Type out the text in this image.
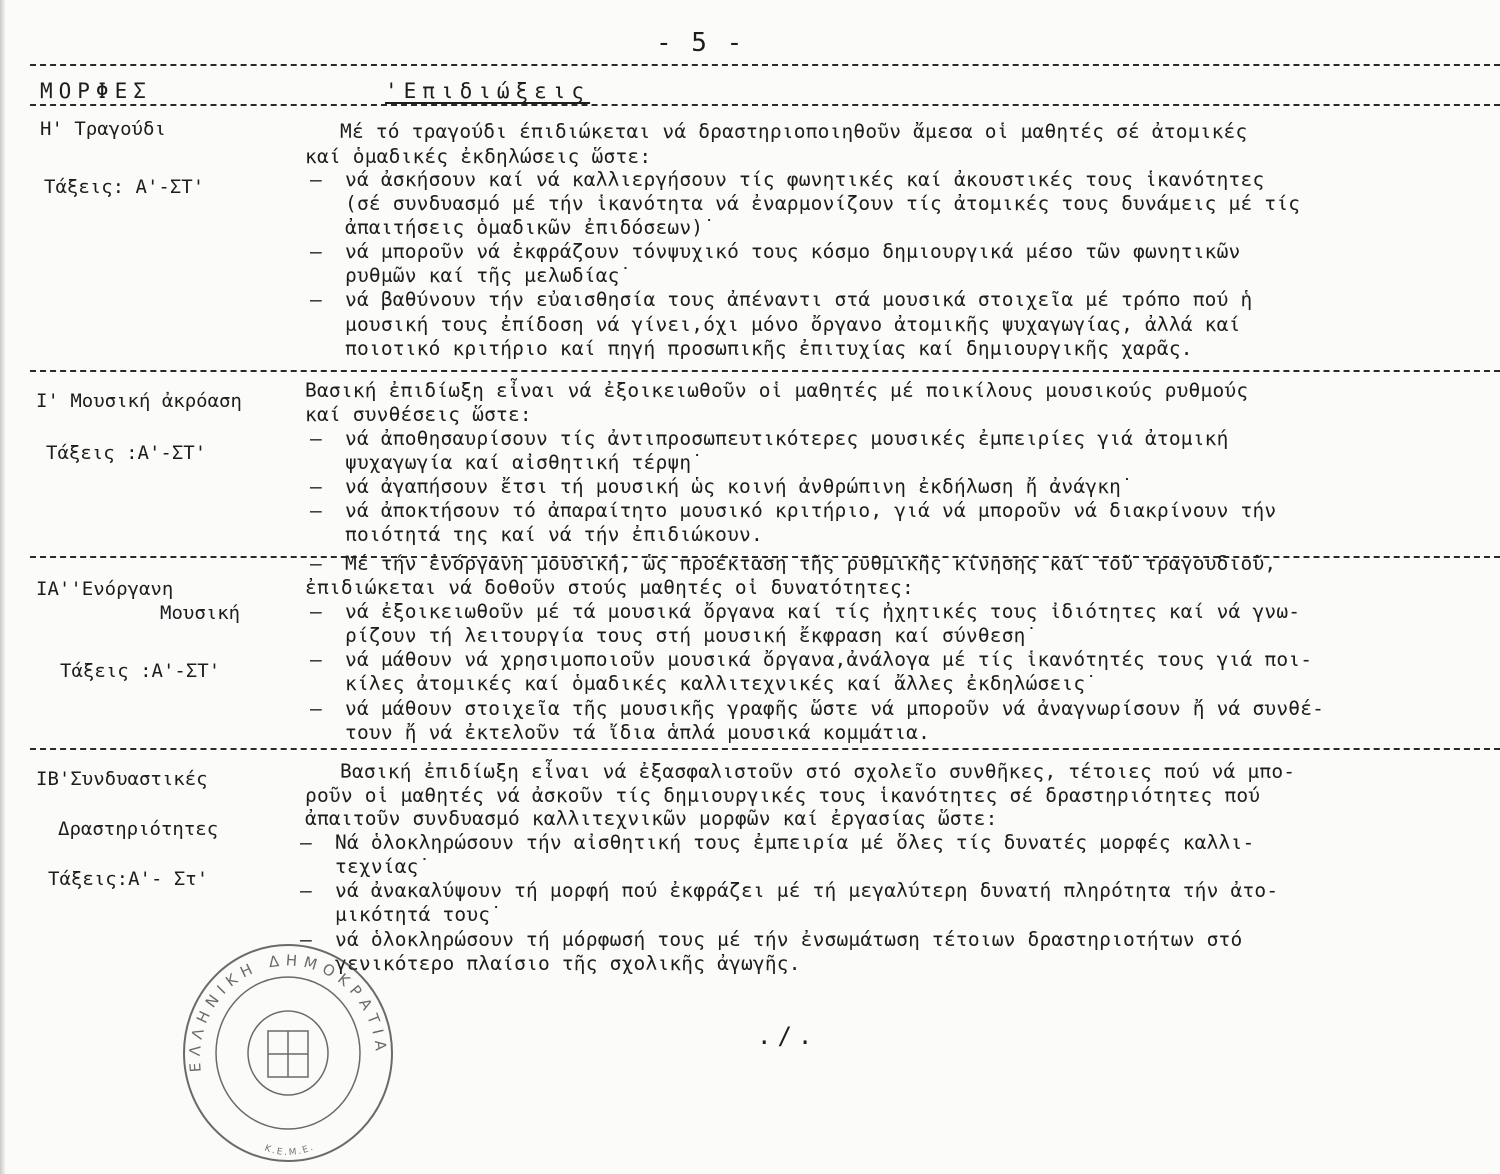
- 5 -
ΜΟΡΦΕΣ	'Επιδιώξεις
Η' Τραγούδι
Τάξεις: Α'-ΣΤ'
Μέ τό τραγούδι έπιδιώκεται νά δραστηριοποιηθοῦν ἄμεσα οἱ μαθητές σέ ἀτομικές
καί ὁμαδικές ἐκδηλώσεις ὥστε:
– νά ἀσκήσουν καί νά καλλιεργήσουν τίς φωνητικές καί ἀκουστικές τους ἱκανότητες
(σέ συνδυασμό μέ τήν ἱκανότητα νά ἐναρμονίζουν τίς ἀτομικές τους δυνάμεις μέ τίς
ἀπαιτήσεις ὁμαδικῶν ἐπιδόσεων)˙
– νά μποροῦν νά ἐκφράζουν τόνψυχικό τους κόσμο δημιουργικά μέσο τῶν φωνητικῶν
ρυθμῶν καί τῆς μελωδίας˙
– νά βαθύνουν τήν εὐαισθησία τους ἀπέναντι στά μουσικά στοιχεῖα μέ τρόπο πού ἡ
μουσική τους ἐπίδοση νά γίνει,όχι μόνο ὄργανο ἀτομικῆς ψυχαγωγίας, ἀλλά καί
ποιοτικό κριτήριο καί πηγή προσωπικῆς ἐπιτυχίας καί δημιουργικῆς χαρᾶς.
Ι' Μουσική ἀκρόαση
Τάξεις :Α'-ΣΤ'
Βασική ἐπιδίωξη εἶναι νά ἐξοικειωθοῦν οἱ μαθητές μέ ποικίλους μουσικούς ρυθμούς
καί συνθέσεις ὥστε:
– νά ἀποθησαυρίσουν τίς ἀντιπροσωπευτικότερες μουσικές ἐμπειρίες γιά ἀτομική
ψυχαγωγία καί αἰσθητική τέρψη˙
– νά ἀγαπήσουν ἔτσι τή μουσική ὡς κοινή ἀνθρώπινη ἐκδήλωση ἤ ἀνάγκη˙
– νά ἀποκτήσουν τό ἀπαραίτητο μουσικό κριτήριο, γιά νά μποροῦν νά διακρίνουν τήν
ποιότητά της καί νά τήν ἐπιδιώκουν.
ΙΑ''Ενόργανη
Μουσική
Τάξεις :Α'-ΣΤ'
– Μέ τήν ἐνόργανη μουσική, ὡς προέκταση τῆς ρυθμικῆς κίνησης καί τοῦ τραγουδιοῦ,
ἐπιδιώκεται νά δοθοῦν στούς μαθητές οἱ δυνατότητες:
– νά ἐξοικειωθοῦν μέ τά μουσικά ὄργανα καί τίς ἠχητικές τους ἰδιότητες καί νά γνω-
ρίζουν τή λειτουργία τους στή μουσική ἔκφραση καί σύνθεση˙
– νά μάθουν νά χρησιμοποιοῦν μουσικά ὄργανα,ἀνάλογα μέ τίς ἱκανότητές τους γιά ποι-
κίλες ἀτομικές καί ὁμαδικές καλλιτεχνικές καί ἄλλες ἐκδηλώσεις˙
– νά μάθουν στοιχεῖα τῆς μουσικῆς γραφῆς ὥστε νά μποροῦν νά ἀναγνωρίσουν ἤ νά συνθέ-
τουν ἤ νά ἐκτελοῦν τά ἴδια ἁπλά μουσικά κομμάτια.
ΙΒ'Συνδυαστικές
Δραστηριότητες
Τάξεις:Α'- Στ'
Βασική ἐπιδίωξη εἶναι νά ἐξασφαλιστοῦν στό σχολεῖο συνθῆκες, τέτοιες πού νά μπο-
ροῦν οἱ μαθητές νά ἀσκοῦν τίς δημιουργικές τους ἱκανότητες σέ δραστηριότητες πού
ἀπαιτοῦν συνδυασμό καλλιτεχνικῶν μορφῶν καί ἐργασίας ὥστε:
– Νά ὁλοκληρώσουν τήν αἰσθητική τους ἐμπειρία μέ ὅλες τίς δυνατές μορφές καλλι-
τεχνίας˙
– νά ἀνακαλύψουν τή μορφή πού ἐκφράζει μέ τή μεγαλύτερη δυνατή πληρότητα τήν ἀτο-
μικότητά τους˙
– νά ὁλοκληρώσουν τή μόρφωσή τους μέ τήν ἐνσωμάτωση τέτοιων δραστηριοτήτων στό
γενικότερο πλαίσιο τῆς σχολικῆς ἀγωγῆς.
./.
ΕΛΛΗΝΙΚΗ ΔΗΜΟΚΡΑΤΙΑ
Κ.Ε.Μ.Ε.
